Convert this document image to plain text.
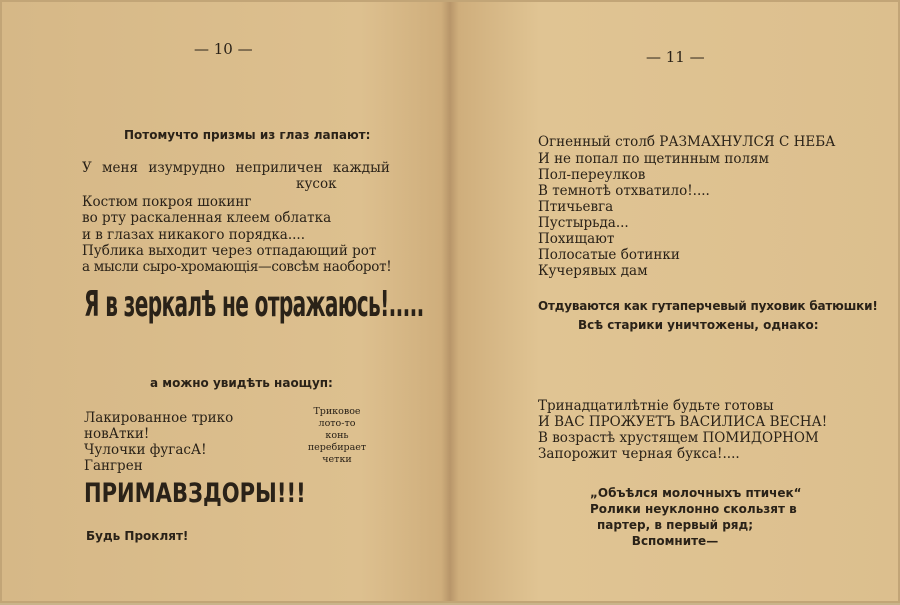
— 10 —
Потомучто призмы из глаз лапают:
У меня изумрудно неприличен каждый
кусок
Костюм покроя шокинг
во рту раскаленная клеем облатка
и в глазах никакого порядка....
Публика выходит через отпадающий рот
а мысли сыро-хромающія—совсѣм наоборот!
Я в зеркалѣ не отражаюсь!.....
а можно увидѣть наощуп:
Лакированное трико
новАтки!
Чулочки фугасА!
Гангрен
Триковое
лото-то
конь
перебирает
четки
ПРИМАВЗДОРЫ!!!
Будь Проклят!
— 11 —
Огненный столб РАЗМАХНУЛСЯ С НЕБА
И не попал по щетинным полям
Пол-переулков
В темнотѣ отхватило!....
Птичьевга
Пустырьда...
Похищают
Полосатые ботинки
Кучерявых дам
Отдуваются как гутаперчевый пуховик батюшки!
Всѣ старики уничтожены, однако:
Тринадцатилѣтніе будьте готовы
И ВАС ПРОЖУЕТЪ ВАСИЛИСА ВЕСНА!
В возрастѣ хрустящем ПОМИДОРНОМ
Запорожит черная букса!....
„Объѣлся молочныхъ птичек“
Ролики неуклонно скользят в
партер, в первый ряд;
Вспомните—
